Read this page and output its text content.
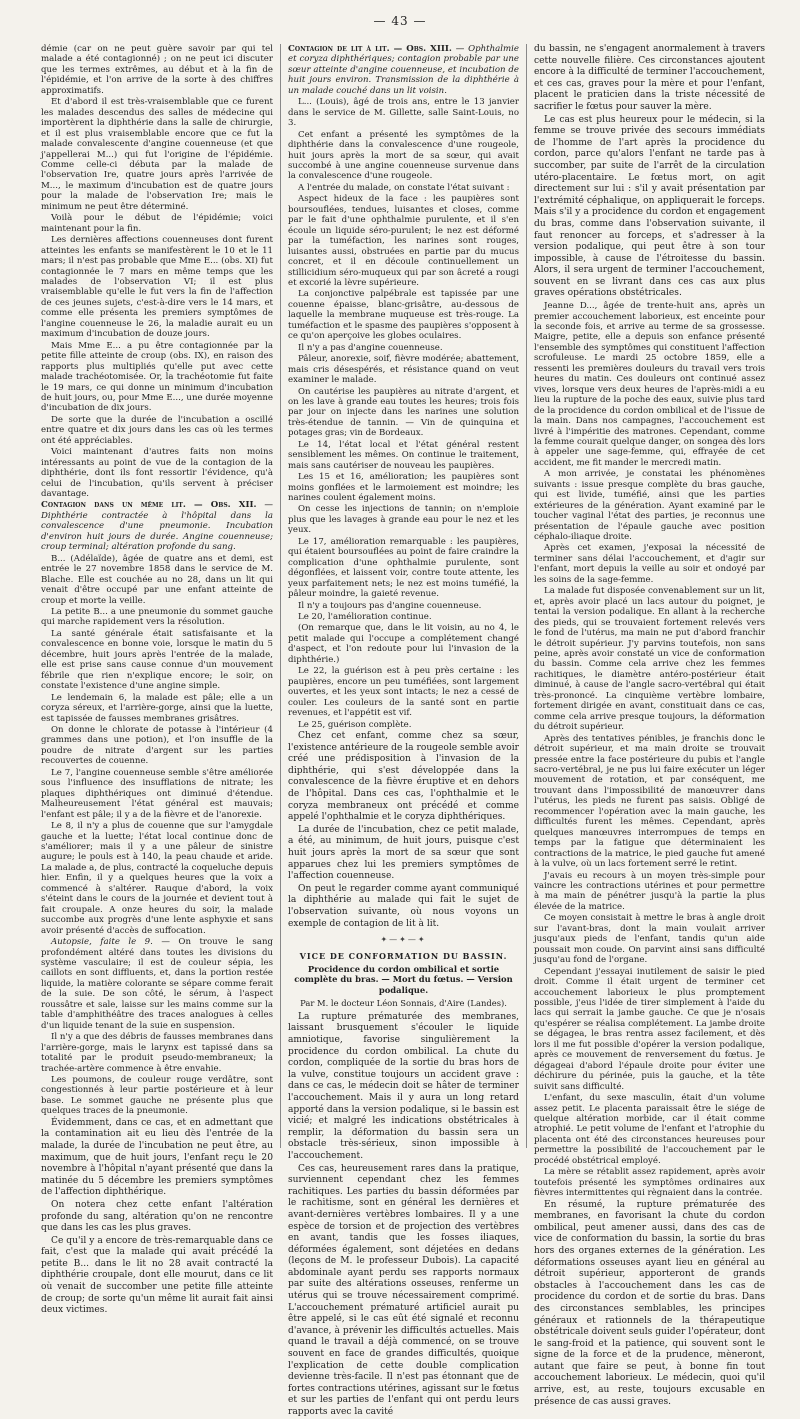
— 43 —

démie (car on ne peut guère savoir par qui tel malade a été contagionné) ; on ne peut ici discuter que les termes extrêmes, au début et à la fin de l'épidémie, et l'on arrive de la sorte à des chiffres approximatifs.

Et d'abord il est très-vraisemblable que ce furent les malades descendus des salles de médecine qui importèrent la diphthérie dans la salle de chirurgie, et il est plus vraisemblable encore que ce fut la malade convalescente d'angine couenneuse (et que j'appellerai M...) qui fut l'origine de l'épidémie. Comme celle-ci débuta par la malade de l'observation Ire, quatre jours après l'arrivée de M..., le maximum d'incubation est de quatre jours pour la malade de l'observation Ire; mais le minimum ne peut être déterminé.

Voilà pour le début de l'épidémie; voici maintenant pour la fin.

Les dernières affections couenneuses dont furent atteintes les enfants se manifestèrent le 10 et le 11 mars; il n'est pas probable que Mme E... (obs. XI) fut contagionnée le 7 mars en même temps que les malades de l'observation VI; il est plus vraisemblable qu'elle le fut vers la fin de l'affection de ces jeunes sujets, c'est-à-dire vers le 14 mars, et comme elle présenta les premiers symptômes de l'angine couenneuse le 26, la maladie aurait eu un maximum d'incubation de douze jours.

Mais Mme E... a pu être contagionnée par la petite fille atteinte de croup (obs. IX), en raison des rapports plus multipliés qu'elle put avec cette malade trachéotomisée. Or, la trachéotomie fut faite le 19 mars, ce qui donne un minimum d'incubation de huit jours, ou, pour Mme E..., une durée moyenne d'incubation de dix jours.

De sorte que la durée de l'incubation a oscillé entre quatre et dix jours dans les cas où les termes ont été appréciables.

Voici maintenant d'autres faits non moins intéressants au point de vue de la contagion de la diphthérie, dont ils font ressortir l'évidence, qu'à celui de l'incubation, qu'ils servent à préciser davantage.

Contagion dans un même lit. — Obs. XII. — Diphthérie contractée à l'hôpital dans la convalescence d'une pneumonie. Incubation d'environ huit jours de durée. Angine couenneuse; croup terminal; altération profonde du sang.

B... (Adélaïde), âgée de quatre ans et demi, est entrée le 27 novembre 1858 dans le service de M. Blache. Elle est couchée au no 28, dans un lit qui venait d'être occupé par une enfant atteinte de croup et morte la veille.

La petite B... a une pneumonie du sommet gauche qui marche rapidement vers la résolution.

La santé générale était satisfaisante et la convalescence en bonne voie, lorsque le matin du 5 décembre, huit jours après l'entrée de la malade, elle est prise sans cause connue d'un mouvement fébrile que rien n'explique encore; le soir, on constate l'existence d'une angine simple.

Le lendemain 6, la malade est pâle; elle a un coryza séreux, et l'arrière-gorge, ainsi que la luette, est tapissée de fausses membranes grisâtres.

On donne le chlorate de potasse à l'intérieur (4 grammes dans une potion), et l'on insuffle de la poudre de nitrate d'argent sur les parties recouvertes de couenne.

Le 7, l'angine couenneuse semble s'être améliorée sous l'influence des insufflations de nitrate; les plaques diphthériques ont diminué d'étendue. Malheureusement l'état général est mauvais; l'enfant est pâle; il y a de la fièvre et de l'anorexie.

Le 8, il n'y a plus de couenne que sur l'amygdale gauche et la luette; l'état local continue donc de s'améliorer; mais il y a une pâleur de sinistre augure; le pouls est à 140, la peau chaude et aride. La malade a, de plus, contracté la coqueluche depuis hier. Enfin, il y a quelques heures que la voix a commencé à s'altérer. Rauque d'abord, la voix s'éteint dans le cours de la journée et devient tout à fait croupale. A onze heures du soir, la malade succombe aux progrès d'une lente asphyxie et sans avoir présenté d'accès de suffocation.

Autopsie, faite le 9. — On trouve le sang profondément altéré dans toutes les divisions du système vasculaire; il est de couleur sépia, les caillots en sont diffluents, et, dans la portion restée liquide, la matière colorante se sépare comme ferait de la suie. De son côté, le sérum, à l'aspect roussâtre et sale, laisse sur les mains comme sur la table d'amphithéâtre des traces analogues à celles d'un liquide tenant de la suie en suspension.

Il n'y a que des débris de fausses membranes dans l'arrière-gorge, mais le larynx est tapissé dans sa totalité par le produit pseudo-membraneux; la trachée-artère commence à être envahie.

Les poumons, de couleur rouge verdâtre, sont congestionnés à leur partie postérieure et à leur base. Le sommet gauche ne présente plus que quelques traces de la pneumonie.

Évidemment, dans ce cas, et en admettant que la contamination ait eu lieu dès l'entrée de la malade, la durée de l'incubation ne peut être, au maximum, que de huit jours, l'enfant reçu le 20 novembre à l'hôpital n'ayant présenté que dans la matinée du 5 décembre les premiers symptômes de l'affection diphthérique.

On notera chez cette enfant l'altération profonde du sang, altération qu'on ne rencontre que dans les cas les plus graves.

Ce qu'il y a encore de très-remarquable dans ce fait, c'est que la malade qui avait précédé la petite B... dans le lit no 28 avait contracté la diphthérie croupale, dont elle mourut, dans ce lit où venait de succomber une petite fille atteinte de croup; de sorte qu'un même lit aurait fait ainsi deux victimes.

Contagion de lit à lit. — Obs. XIII. — Ophthalmie et coryza diphthériques; contagion probable par une sœur atteinte d'angine couenneuse, et incubation de huit jours environ. Transmission de la diphthérie à un malade couché dans un lit voisin.

L... (Louis), âgé de trois ans, entre le 13 janvier dans le service de M. Gillette, salle Saint-Louis, no 3.

Cet enfant a présenté les symptômes de la diphthérie dans la convalescence d'une rougeole, huit jours après la mort de sa sœur, qui avait succombé à une angine couenneuse survenue dans la convalescence d'une rougeole.

A l'entrée du malade, on constate l'état suivant :

Aspect hideux de la face : les paupières sont boursouflées, tendues, luisantes et closes, comme par le fait d'une ophthalmie purulente, et il s'en écoule un liquide séro-purulent; le nez est déformé par la tuméfaction, les narines sont rouges, luisantes aussi, obstruées en partie par du mucus concret, et il en découle continuellement un stillicidium séro-muqueux qui par son âcreté a rougi et excorié la lèvre supérieure.

La conjonctive palpébrale est tapissée par une couenne épaisse, blanc-grisâtre, au-dessous de laquelle la membrane muqueuse est très-rouge. La tuméfaction et le spasme des paupières s'opposent à ce qu'on aperçoive les globes oculaires.

Il n'y a pas d'angine couenneuse.

Pâleur, anorexie, soif, fièvre modérée; abattement, mais cris désespérés, et résistance quand on veut examiner le malade.

On cautérise les paupières au nitrate d'argent, et on les lave à grande eau toutes les heures; trois fois par jour on injecte dans les narines une solution très-étendue de tannin. — Vin de quinquina et potages gras; vin de Bordeaux.

Le 14, l'état local et l'état général restent sensiblement les mêmes. On continue le traitement, mais sans cautériser de nouveau les paupières.

Les 15 et 16, amélioration; les paupières sont moins gonflées et le larmoiement est moindre; les narines coulent également moins.

On cesse les injections de tannin; on n'emploie plus que les lavages à grande eau pour le nez et les yeux.

Le 17, amélioration remarquable : les paupières, qui étaient boursouflées au point de faire craindre la complication d'une ophthalmie purulente, sont dégonflées, et laissent voir, contre toute attente, les yeux parfaitement nets; le nez est moins tuméfié, la pâleur moindre, la gaieté revenue.

Il n'y a toujours pas d'angine couenneuse.

Le 20, l'amélioration continue.

(On remarque que, dans le lit voisin, au no 4, le petit malade qui l'occupe a complétement changé d'aspect, et l'on redoute pour lui l'invasion de la diphthérie.)

Le 22, la guérison est à peu près certaine : les paupières, encore un peu tuméfiées, sont largement ouvertes, et les yeux sont intacts; le nez a cessé de couler. Les couleurs de la santé sont en partie revenues, et l'appétit est vif.

Le 25, guérison complète.

Chez cet enfant, comme chez sa sœur, l'existence antérieure de la rougeole semble avoir créé une prédisposition à l'invasion de la diphthérie, qui s'est développée dans la convalescence de la fièvre éruptive et en dehors de l'hôpital. Dans ces cas, l'ophthalmie et le coryza membraneux ont précédé et comme appelé l'ophthalmie et le coryza diphthériques.

La durée de l'incubation, chez ce petit malade, a été, au minimum, de huit jours, puisque c'est huit jours après la mort de sa sœur que sont apparues chez lui les premiers symptômes de l'affection couenneuse.

On peut le regarder comme ayant communiqué la diphthérie au malade qui fait le sujet de l'observation suivante, où nous voyons un exemple de contagion de lit à lit.

✦—✦—✦
VICE DE CONFORMATION DU BASSIN.
Procidence du cordon ombilical et sortie complète du bras. — Mort du fœtus. — Version podalique.
Par M. le docteur Léon Sonnais, d'Aire (Landes).

La rupture prématurée des membranes, laissant brusquement s'écouler le liquide amniotique, favorise singulièrement la procidence du cordon ombilical. La chute du cordon, compliquée de la sortie du bras hors de la vulve, constitue toujours un accident grave : dans ce cas, le médecin doit se hâter de terminer l'accouchement. Mais il y aura un long retard apporté dans la version podalique, si le bassin est vicié; et malgré les indications obstétricales à remplir, la déformation du bassin sera un obstacle très-sérieux, sinon impossible à l'accouchement.

Ces cas, heureusement rares dans la pratique, surviennent cependant chez les femmes rachitiques. Les parties du bassin déformées par le rachitisme, sont en général les dernières et avant-dernières vertèbres lombaires. Il y a une espèce de torsion et de projection des vertèbres en avant, tandis que les fosses iliaques, déformées également, sont déjetées en dedans (leçons de M. le professeur Dubois). La capacité abdominale ayant perdu ses rapports normaux par suite des altérations osseuses, renferme un utérus qui se trouve nécessairement comprimé. L'accouchement prématuré artificiel aurait pu être appelé, si le cas eût été signalé et reconnu d'avance, à prévenir les difficultés actuelles. Mais quand le travail a déjà commencé, on se trouve souvent en face de grandes difficultés, quoique l'explication de cette double complication devienne très-facile. Il n'est pas étonnant que de fortes contractions utérines, agissant sur le fœtus et sur les parties de l'enfant qui ont perdu leurs rapports avec la cavité

du bassin, ne s'engagent anormalement à travers cette nouvelle filière. Ces circonstances ajoutent encore à la difficulté de terminer l'accouchement, et ces cas, graves pour la mère et pour l'enfant, placent le praticien dans la triste nécessité de sacrifier le fœtus pour sauver la mère.

Le cas est plus heureux pour le médecin, si la femme se trouve privée des secours immédiats de l'homme de l'art après la procidence du cordon, parce qu'alors l'enfant ne tarde pas à succomber, par suite de l'arrêt de la circulation utéro-placentaire. Le fœtus mort, on agit directement sur lui : s'il y avait présentation par l'extrémité céphalique, on appliquerait le forceps. Mais s'il y a procidence du cordon et engagement du bras, comme dans l'observation suivante, il faut renoncer au forceps, et s'adresser à la version podalique, qui peut être à son tour impossible, à cause de l'étroitesse du bassin. Alors, il sera urgent de terminer l'accouchement, souvent en se livrant dans ces cas aux plus graves opérations obstétricales.

Jeanne D..., âgée de trente-huit ans, après un premier accouchement laborieux, est enceinte pour la seconde fois, et arrive au terme de sa grossesse. Maigre, petite, elle a depuis son enfance présenté l'ensemble des symptômes qui constituent l'affection scrofuleuse. Le mardi 25 octobre 1859, elle a ressenti les premières douleurs du travail vers trois heures du matin. Ces douleurs ont continué assez vives, lorsque vers deux heures de l'après-midi a eu lieu la rupture de la poche des eaux, suivie plus tard de la procidence du cordon ombilical et de l'issue de la main. Dans nos campagnes, l'accouchement est livré à l'impéritie des matrones. Cependant, comme la femme courait quelque danger, on songea dès lors à appeler une sage-femme, qui, effrayée de cet accident, me fit mander le mercredi matin.

A mon arrivée, je constatai les phénomènes suivants : issue presque complète du bras gauche, qui est livide, tuméfié, ainsi que les parties extérieures de la génération. Ayant examiné par le toucher vaginal l'état des parties, je reconnus une présentation de l'épaule gauche avec position céphalo-iliaque droite.

Après cet examen, j'exposai la nécessité de terminer sans délai l'accouchement, et d'agir sur l'enfant, mort depuis la veille au soir et ondoyé par les soins de la sage-femme.

La malade fut disposée convenablement sur un lit, et, après avoir placé un lacs autour du poignet, je tentai la version podalique. En allant à la recherche des pieds, qui se trouvaient fortement relevés vers le fond de l'utérus, ma main ne put d'abord franchir le détroit supérieur. J'y parvins toutefois, non sans peine, après avoir constaté un vice de conformation du bassin. Comme cela arrive chez les femmes rachitiques, le diamètre antéro-postérieur était diminué, à cause de l'angle sacro-vertébral qui était très-prononcé. La cinquième vertèbre lombaire, fortement dirigée en avant, constituait dans ce cas, comme cela arrive presque toujours, la déformation du détroit supérieur.

Après des tentatives pénibles, je franchis donc le détroit supérieur, et ma main droite se trouvait pressée entre la face postérieure du pubis et l'angle sacro-vertébral, je ne pus lui faire exécuter un léger mouvement de rotation, et par conséquent, me trouvant dans l'impossibilité de manœuvrer dans l'utérus, les pieds ne furent pas saisis. Obligé de recommencer l'opération avec la main gauche, les difficultés furent les mêmes. Cependant, après quelques manœuvres interrompues de temps en temps par la fatigue que déterminaient les contractions de la matrice, le pied gauche fut amené à la vulve, où un lacs fortement serré le retint.

J'avais eu recours à un moyen très-simple pour vaincre les contractions utérines et pour permettre à ma main de pénétrer jusqu'à la partie la plus élevée de la matrice.

Ce moyen consistait à mettre le bras à angle droit sur l'avant-bras, dont la main voulait arriver jusqu'aux pieds de l'enfant, tandis qu'un aide poussait mon coude. On parvint ainsi sans difficulté jusqu'au fond de l'organe.

Cependant j'essayai inutilement de saisir le pied droit. Comme il était urgent de terminer cet accouchement laborieux le plus promptement possible, j'eus l'idée de tirer simplement à l'aide du lacs qui serrait la jambe gauche. Ce que je n'osais qu'espérer se réalisa complétement. La jambe droite se dégagea, le bras rentra assez facilement, et dès lors il me fut possible d'opérer la version podalique, après ce mouvement de renversement du fœtus. Je dégageai d'abord l'épaule droite pour éviter une déchirure du périnée, puis la gauche, et la tête suivit sans difficulté.

L'enfant, du sexe masculin, était d'un volume assez petit. Le placenta paraissait être le siége de quelque altération morbide, car il était comme atrophié. Le petit volume de l'enfant et l'atrophie du placenta ont été des circonstances heureuses pour permettre la possibilité de l'accouchement par le procédé obstétrical employé.

La mère se rétablit assez rapidement, après avoir toutefois présenté les symptômes ordinaires aux fièvres intermittentes qui règnaient dans la contrée.

En résumé, la rupture prématurée des membranes, en favorisant la chute du cordon ombilical, peut amener aussi, dans des cas de vice de conformation du bassin, la sortie du bras hors des organes externes de la génération. Les déformations osseuses ayant lieu en général au détroit supérieur, apporteront de grands obstacles à l'accouchement dans les cas de procidence du cordon et de sortie du bras. Dans des circonstances semblables, les principes généraux et rationnels de la thérapeutique obstétricale doivent seuls guider l'opérateur, dont le sang-froid et la patience, qui souvent sont le signe de la force et de la prudence, mèneront, autant que faire se peut, à bonne fin tout accouchement laborieux. Le médecin, quoi qu'il arrive, est, au reste, toujours excusable en présence de cas aussi graves.
